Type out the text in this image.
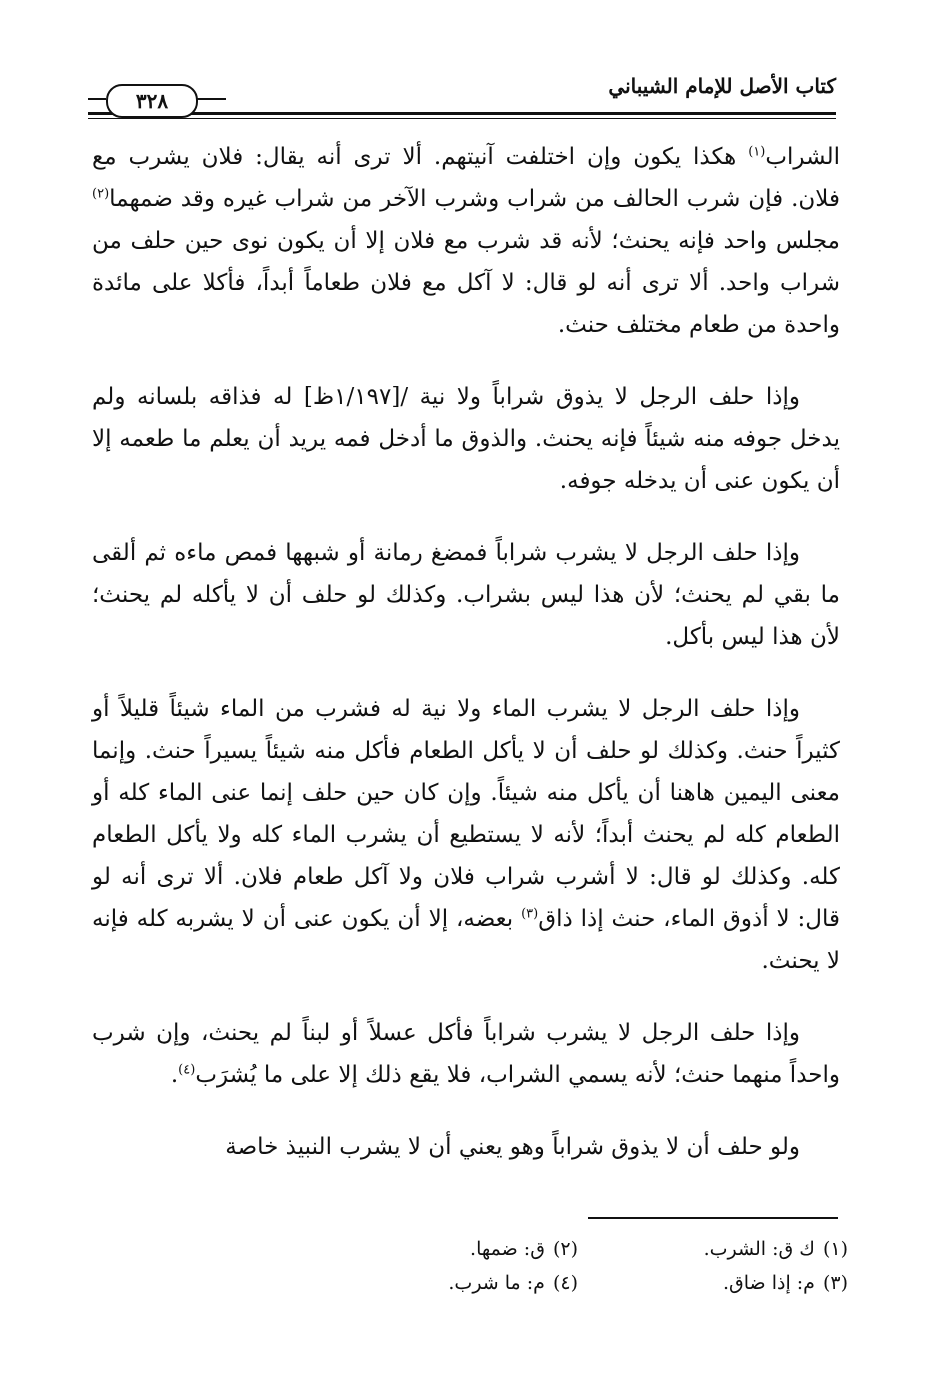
كتاب الأصل للإمام الشيباني
٣٢٨

الشراب$^{(١)}$ هكذا يكون وإن اختلفت آنيتهم. ألا ترى أنه يقال: فلان يشرب مع فلان. فإن شرب الحالف من شراب وشرب الآخر من شراب غيره وقد ضمهما$^{(٢)}$ مجلس واحد فإنه يحنث؛ لأنه قد شرب مع فلان إلا أن يكون نوى حين حلف من شراب واحد. ألا ترى أنه لو قال: لا آكل مع فلان طعاماً أبداً، فأكلا على مائدة واحدة من طعام مختلف حنث.

وإذا حلف الرجل لا يذوق شراباً ولا نية /[١/١٩٧ظ] له فذاقه بلسانه ولم يدخل جوفه منه شيئاً فإنه يحنث. والذوق ما أدخل فمه يريد أن يعلم ما طعمه إلا أن يكون عنى أن يدخله جوفه.

وإذا حلف الرجل لا يشرب شراباً فمضغ رمانة أو شبهها فمص ماءه ثم ألقى ما بقي لم يحنث؛ لأن هذا ليس بشراب. وكذلك لو حلف أن لا يأكله لم يحنث؛ لأن هذا ليس بأكل.

وإذا حلف الرجل لا يشرب الماء ولا نية له فشرب من الماء شيئاً قليلاً أو كثيراً حنث. وكذلك لو حلف أن لا يأكل الطعام فأكل منه شيئاً يسيراً حنث. وإنما معنى اليمين هاهنا أن يأكل منه شيئاً. وإن كان حين حلف إنما عنى الماء كله أو الطعام كله لم يحنث أبداً؛ لأنه لا يستطيع أن يشرب الماء كله ولا يأكل الطعام كله. وكذلك لو قال: لا أشرب شراب فلان ولا آكل طعام فلان. ألا ترى أنه لو قال: لا أذوق الماء، حنث إذا ذاق$^{(٣)}$ بعضه، إلا أن يكون عنى أن لا يشربه كله فإنه لا يحنث.

وإذا حلف الرجل لا يشرب شراباً فأكل عسلاً أو لبناً لم يحنث، وإن شرب واحداً منهما حنث؛ لأنه يسمي الشراب، فلا يقع ذلك إلا على ما يُشرَب$^{(٤)}$.

ولو حلف أن لا يذوق شراباً وهو يعني أن لا يشرب النبيذ خاصة

(١)ك ق: الشرب.
(٢)ق: ضمها.
(٣)م: إذا ضاق.
(٤)م: ما شرب.
